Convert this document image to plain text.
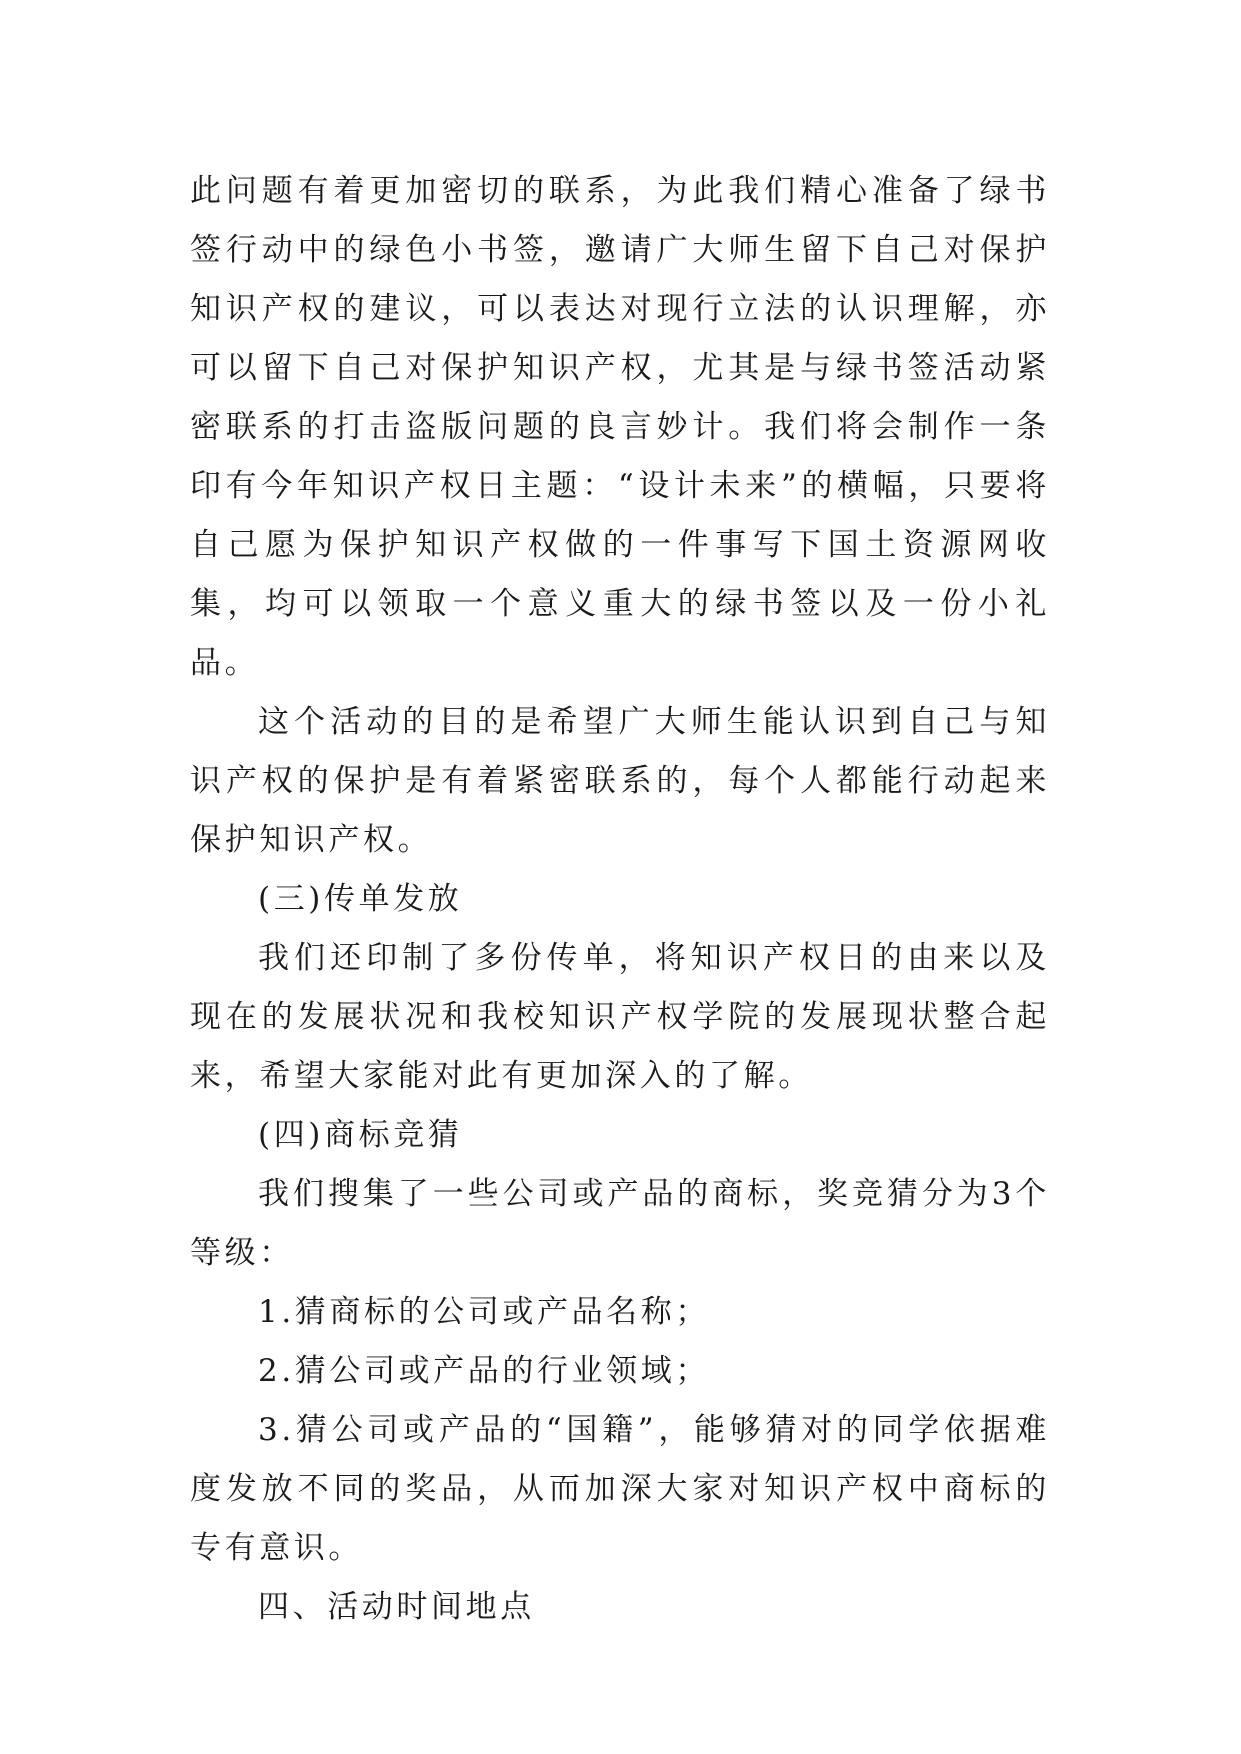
此问题有着更加密切的联系，为此我们精心准备了绿书签行动中的绿色小书签，邀请广大师生留下自己对保护知识产权的建议，可以表达对现行立法的认识理解，亦可以留下自己对保护知识产权，尤其是与绿书签活动紧密联系的打击盗版问题的良言妙计。我们将会制作一条印有今年知识产权日主题：“设计未来”的横幅，只要将自己愿为保护知识产权做的一件事写下国土资源网收集，均可以领取一个意义重大的绿书签以及一份小礼品。

这个活动的目的是希望广大师生能认识到自己与知识产权的保护是有着紧密联系的，每个人都能行动起来保护知识产权。

(三)传单发放

我们还印制了多份传单，将知识产权日的由来以及现在的发展状况和我校知识产权学院的发展现状整合起来，希望大家能对此有更加深入的了解。

(四)商标竞猜

我们搜集了一些公司或产品的商标，奖竞猜分为3个等级：

1.猜商标的公司或产品名称；

2.猜公司或产品的行业领域；

3.猜公司或产品的“国籍”，能够猜对的同学依据难度发放不同的奖品，从而加深大家对知识产权中商标的专有意识。

四、活动时间地点
